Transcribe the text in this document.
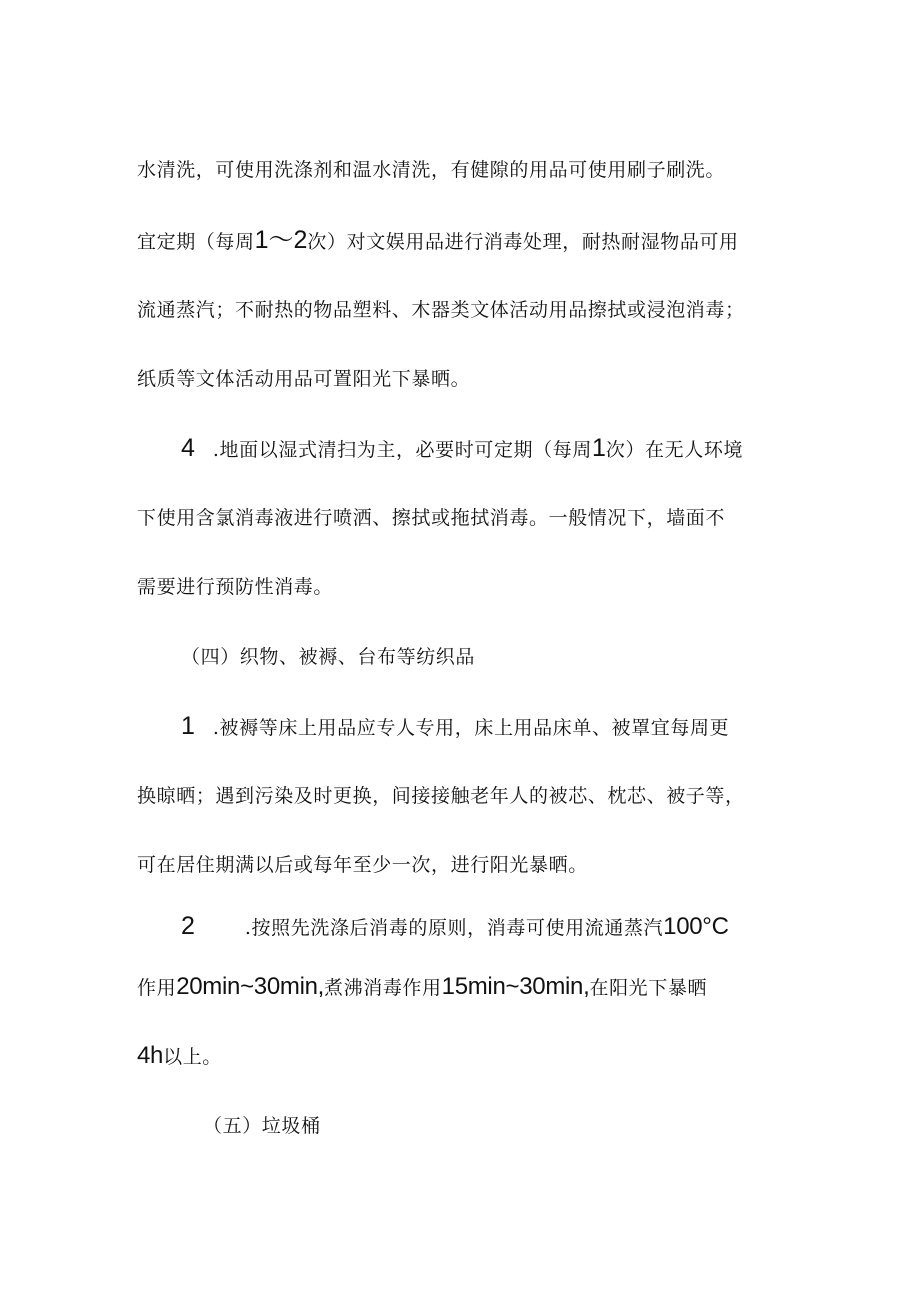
水清洗，可使用洗涤剂和温水清洗，有健隙的用品可使用刷子刷洗。
宜定期（每周1～2次）对文娱用品进行消毒处理，耐热耐湿物品可用
流通蒸汽；不耐热的物品塑料、木器类文体活动用品擦拭或浸泡消毒；
纸质等文体活动用品可置阳光下暴晒。
4 .地面以湿式清扫为主，必要时可定期（每周1次）在无人环境
下使用含氯消毒液进行喷洒、擦拭或拖拭消毒。一般情况下，墙面不
需要进行预防性消毒。
（四）织物、被褥、台布等纺织品
1 .被褥等床上用品应专人专用，床上用品床单、被罩宜每周更
换晾晒；遇到污染及时更换，间接接触老年人的被芯、枕芯、被子等，
可在居住期满以后或每年至少一次，进行阳光暴晒。
2	.按照先洗涤后消毒的原则，消毒可使用流通蒸汽100°C
作用20min~30min,煮沸消毒作用15min~30min,在阳光下暴晒
4h以上。
（五）垃圾桶
